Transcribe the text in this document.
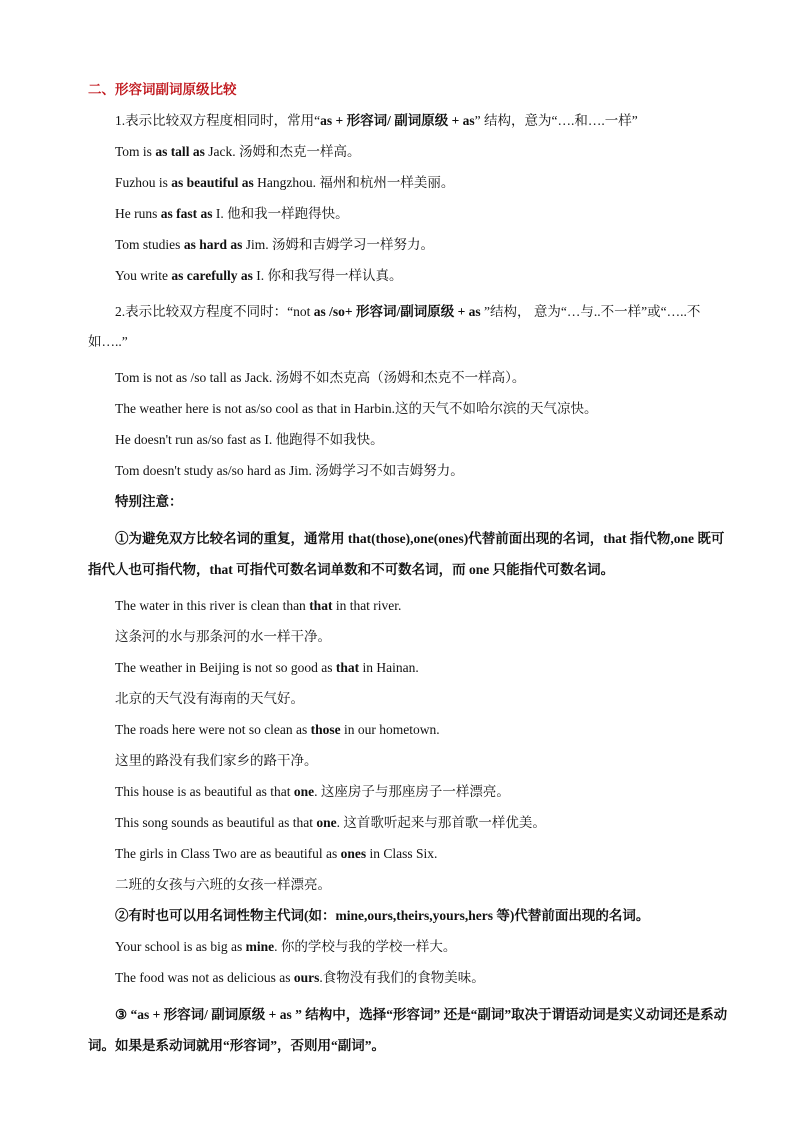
二、形容词副词原级比较
1.表示比较双方程度相同时，常用“as + 形容词/ 副词原级 + as” 结构，意为“….和….一样”
Tom is as tall as Jack. 汤姆和杰克一样高。
Fuzhou is as beautiful as Hangzhou. 福州和杭州一样美丽。
He runs as fast as I. 他和我一样跑得快。
Tom studies as hard as Jim. 汤姆和吉姆学习一样努力。
You write as carefully as I. 你和我写得一样认真。
2.表示比较双方程度不同时：“not as /so+ 形容词/副词原级 + as ”结构， 意为“…与..不一样”或“…..不如…..”
Tom is not as /so tall as Jack. 汤姆不如杰克高（汤姆和杰克不一样高）。
The weather here is not as/so cool as that in Harbin.这的天气不如哈尔滨的天气凉快。
He doesn't run as/so fast as I. 他跑得不如我快。
Tom doesn't study as/so hard as Jim. 汤姆学习不如吉姆努力。
特别注意：
①为避免双方比较名词的重复，通常用 that(those),one(ones)代替前面出现的名词，that 指代物,one 既可指代人也可指代物，that 可指代可数名词单数和不可数名词，而 one 只能指代可数名词。
The water in this river is clean than that in that river.
这条河的水与那条河的水一样干净。
The weather in Beijing is not so good as that in Hainan.
北京的天气没有海南的天气好。
The roads here were not so clean as those in our hometown.
这里的路没有我们家乡的路干净。
This house is as beautiful as that one. 这座房子与那座房子一样漂亮。
This song sounds as beautiful as that one. 这首歌听起来与那首歌一样优美。
The girls in Class Two are as beautiful as ones in Class Six.
二班的女孩与六班的女孩一样漂亮。
②有时也可以用名词性物主代词(如：mine,ours,theirs,yours,hers 等)代替前面出现的名词。
Your school is as big as mine. 你的学校与我的学校一样大。
The food was not as delicious as ours.食物没有我们的食物美味。
③ “as + 形容词/ 副词原级 + as ” 结构中，选择“形容词” 还是“副词”取决于谓语动词是实义动词还是系动词。如果是系动词就用“形容词”，否则用“副词”。
